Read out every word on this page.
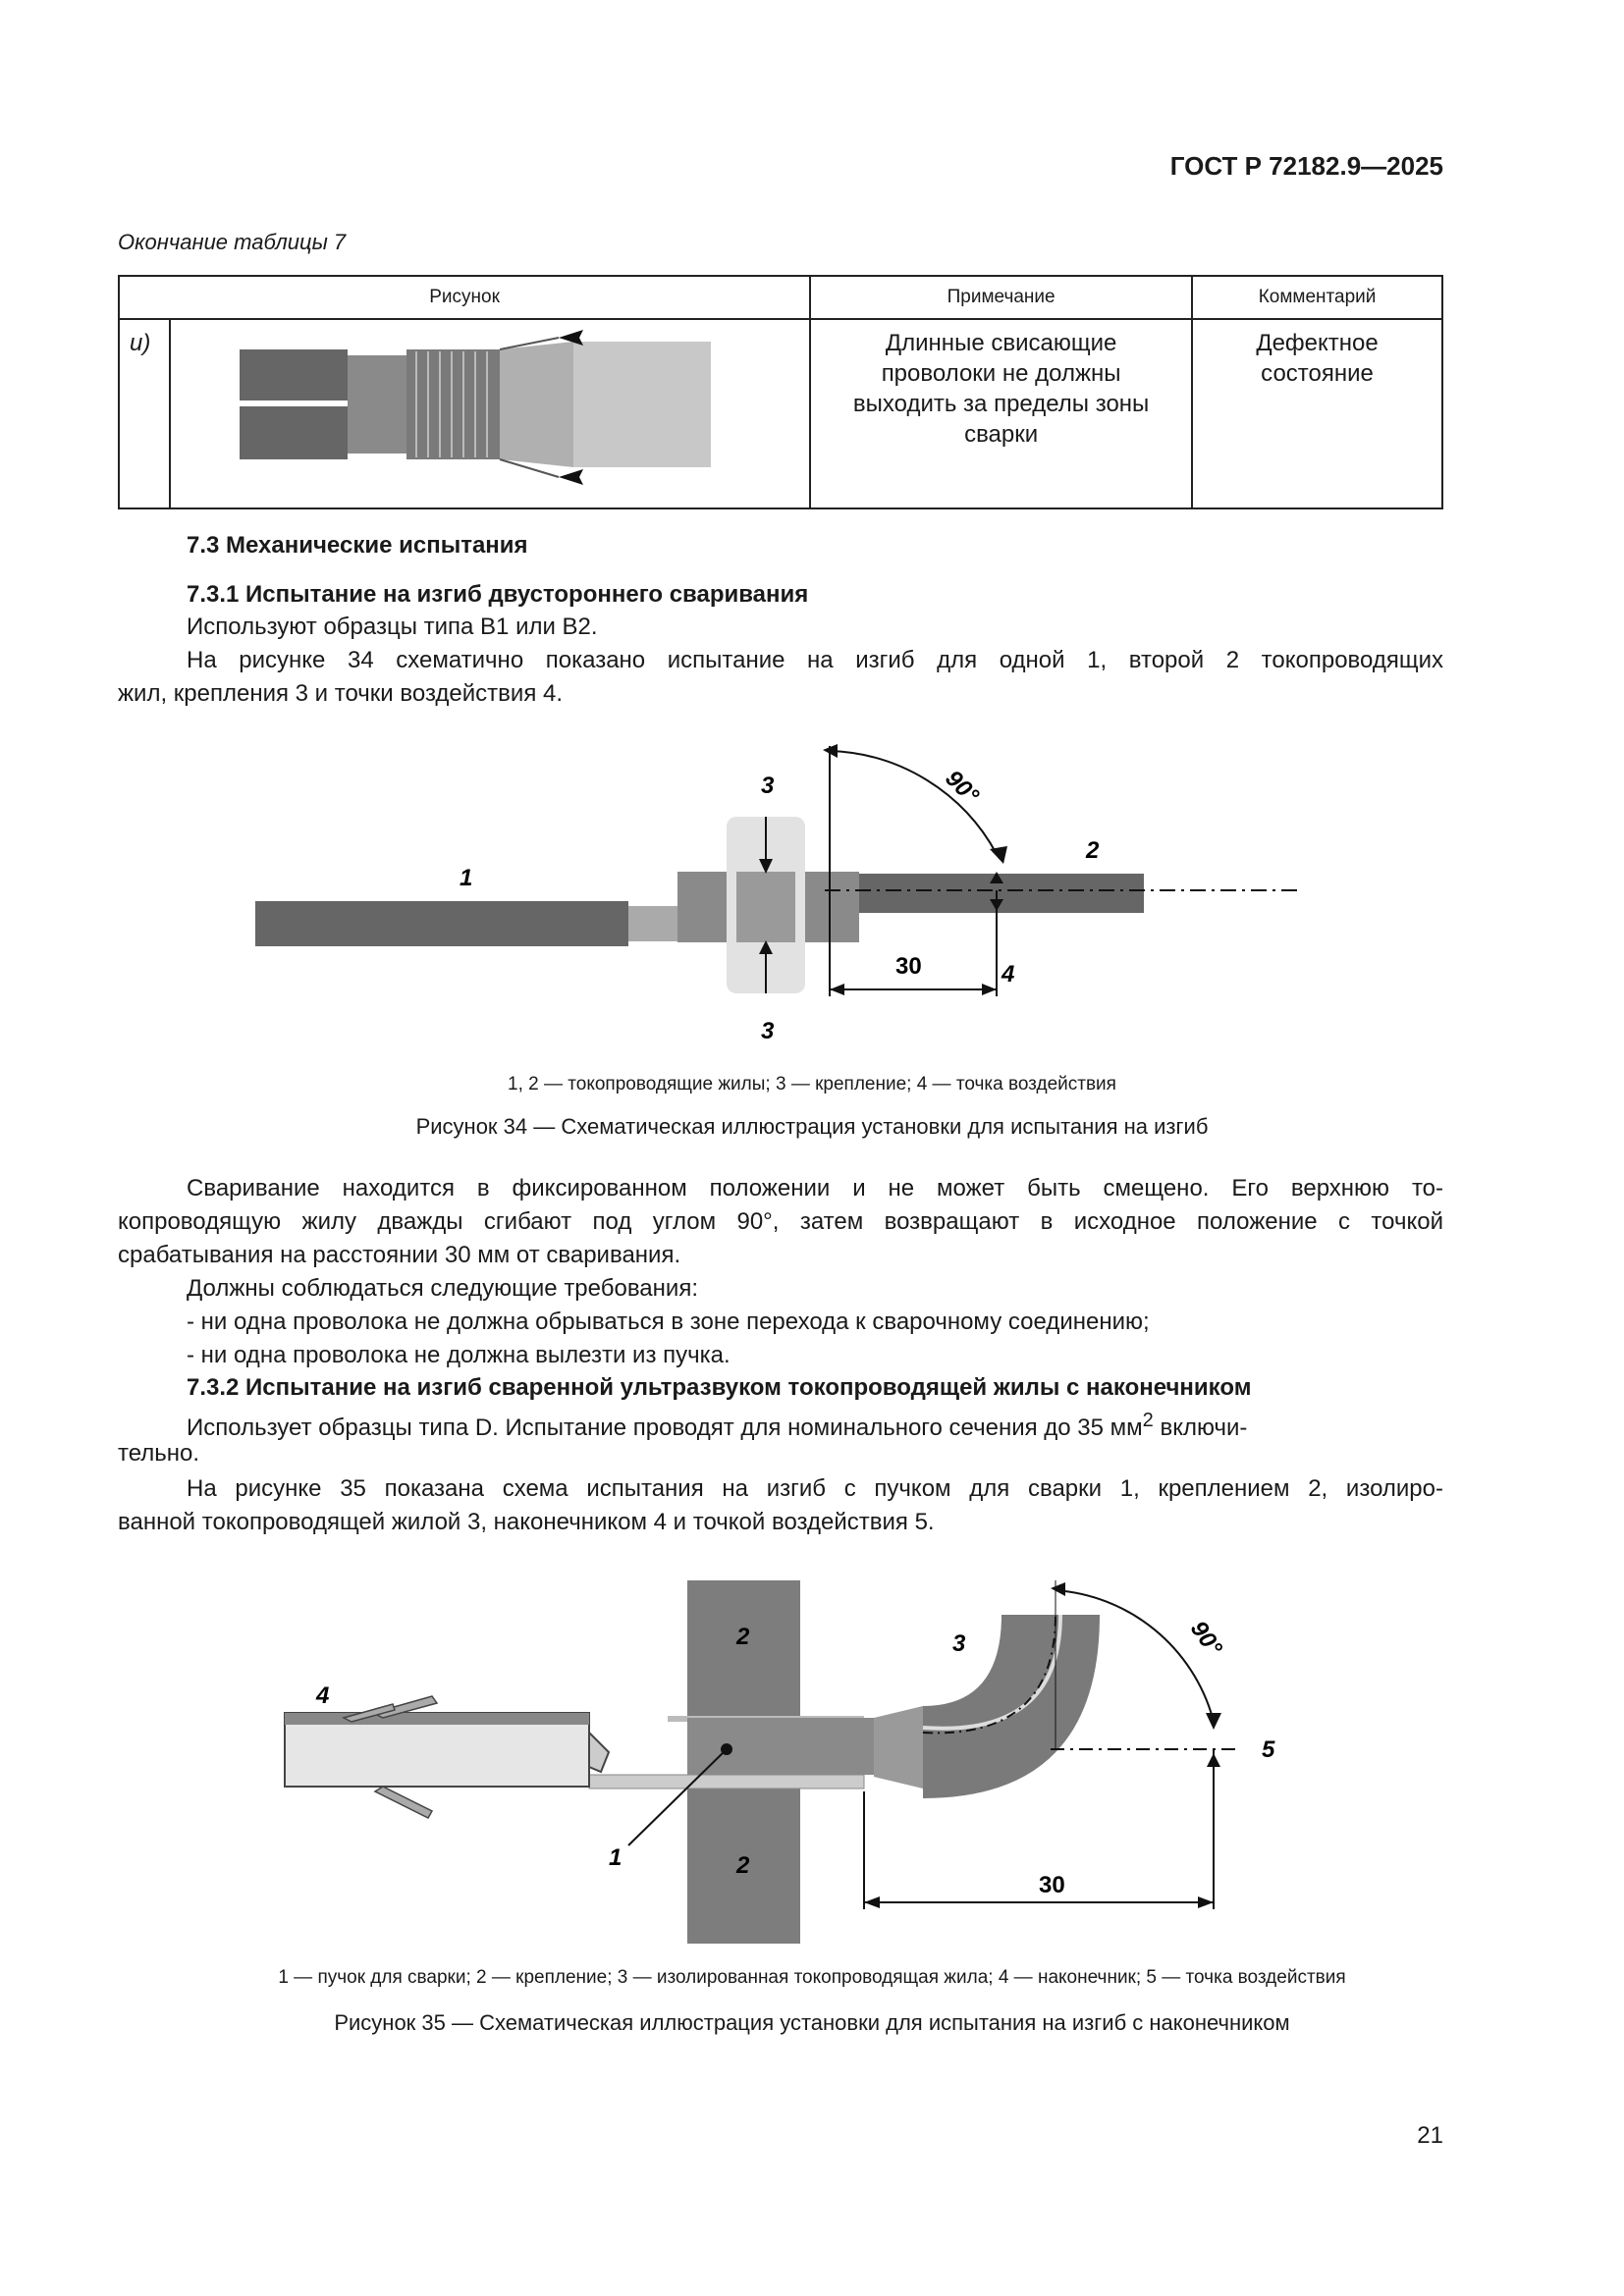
ГОСТ Р 72182.9—2025
Окончание таблицы 7
Рисунок		Примечание	Комментарий
и)		Длинные свисающие проволоки не должны выходить за пределы зоны сварки	Дефектное состояние
7.3 Механические испытания
7.3.1 Испытание на изгиб двустороннего сваривания
Используют образцы типа В1 или В2.
На рисунке 34 схематично показано испытание на изгиб для одной 1, второй 2 токопроводящих
жил, крепления 3 и точки воздействия 4.
1
2
3
3
4
30
90°
1, 2 — токопроводящие жилы; 3 — крепление; 4 — точка воздействия
Рисунок 34 — Схематическая иллюстрация установки для испытания на изгиб
Сваривание находится в фиксированном положении и не может быть смещено. Его верхнюю то-
копроводящую жилу дважды сгибают под углом 90°, затем возвращают в исходное положение с точкой
срабатывания на расстоянии 30 мм от сваривания.
Должны соблюдаться следующие требования:
- ни одна проволока не должна обрываться в зоне перехода к сварочному соединению;
- ни одна проволока не должна вылезти из пучка.
7.3.2 Испытание на изгиб сваренной ультразвуком токопроводящей жилы с наконечником
Использует образцы типа D. Испытание проводят для номинального сечения до 35 $мм^2$ включи-
тельно.
На рисунке 35 показана схема испытания на изгиб с пучком для сварки 1, креплением 2, изолиро-
ванной токопроводящей жилой 3, наконечником 4 и точкой воздействия 5.
2
2
1
3
4
5
30
90°
1 — пучок для сварки; 2 — крепление; 3 — изолированная токопроводящая жила; 4 — наконечник; 5 — точка воздействия
Рисунок 35 — Схематическая иллюстрация установки для испытания на изгиб с наконечником
21
